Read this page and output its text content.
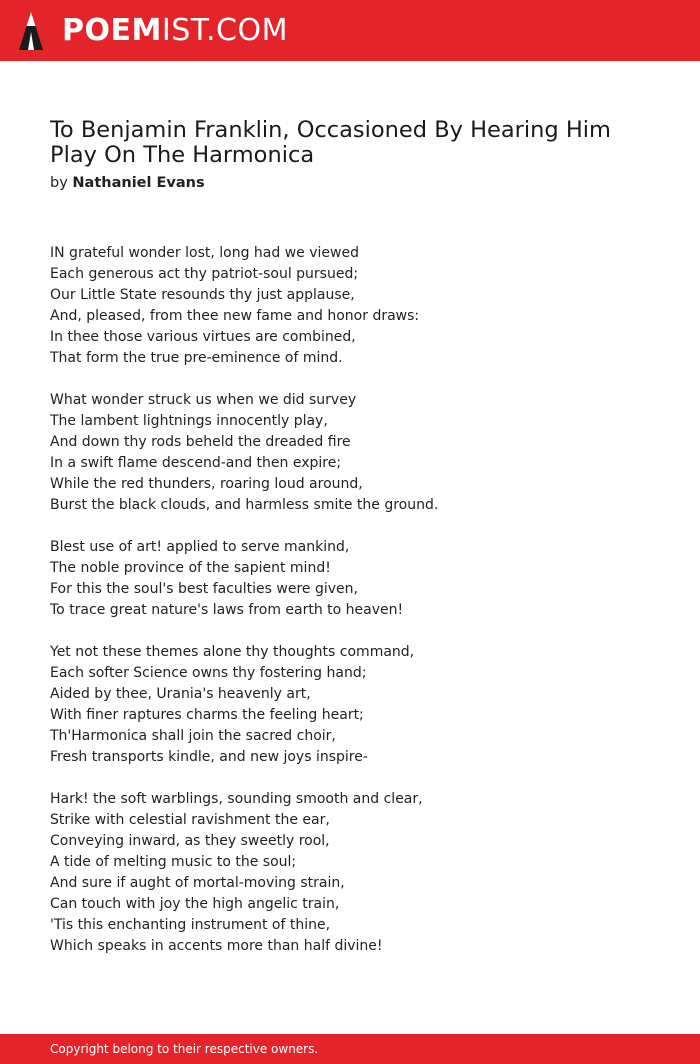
POEMIST.COM
To Benjamin Franklin, Occasioned By Hearing Him Play On The Harmonica
by Nathaniel Evans
IN grateful wonder lost, long had we viewed
Each generous act thy patriot-soul pursued;
Our Little State resounds thy just applause,
And, pleased, from thee new fame and honor draws:
In thee those various virtues are combined,
That form the true pre-eminence of mind.
What wonder struck us when we did survey
The lambent lightnings innocently play,
And down thy rods beheld the dreaded fire
In a swift flame descend-and then expire;
While the red thunders, roaring loud around,
Burst the black clouds, and harmless smite the ground.
Blest use of art! applied to serve mankind,
The noble province of the sapient mind!
For this the soul's best faculties were given,
To trace great nature's laws from earth to heaven!
Yet not these themes alone thy thoughts command,
Each softer Science owns thy fostering hand;
Aided by thee, Urania's heavenly art,
With finer raptures charms the feeling heart;
Th'Harmonica shall join the sacred choir,
Fresh transports kindle, and new joys inspire-
Hark! the soft warblings, sounding smooth and clear,
Strike with celestial ravishment the ear,
Conveying inward, as they sweetly rool,
A tide of melting music to the soul;
And sure if aught of mortal-moving strain,
Can touch with joy the high angelic train,
'Tis this enchanting instrument of thine,
Which speaks in accents more than half divine!
Copyright belong to their respective owners.
